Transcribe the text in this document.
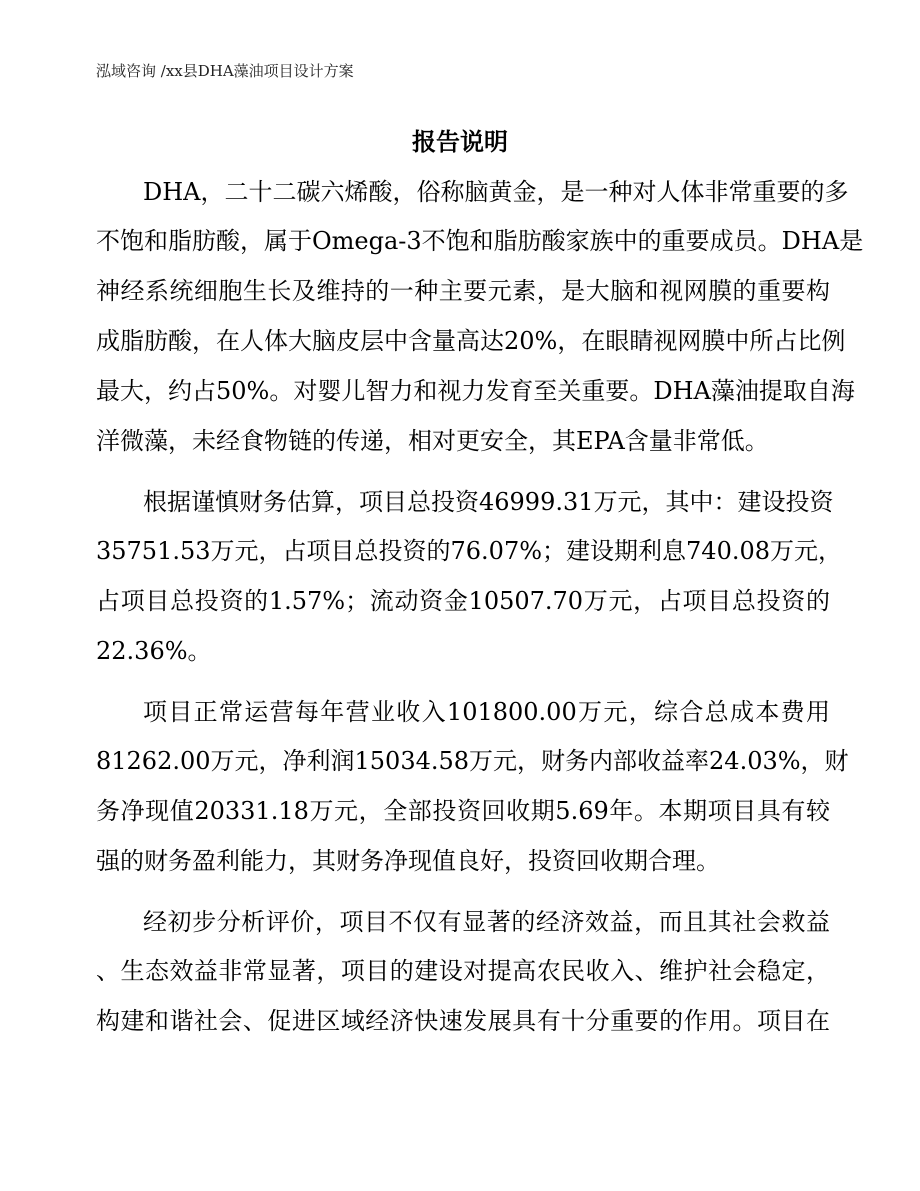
泓域咨询 /xx县DHA藻油项目设计方案
报告说明
DHA，二十二碳六烯酸，俗称脑黄金，是一种对人体非常重要的多
不饱和脂肪酸，属于Omega-3不饱和脂肪酸家族中的重要成员。DHA是
神经系统细胞生长及维持的一种主要元素，是大脑和视网膜的重要构
成脂肪酸，在人体大脑皮层中含量高达20%，在眼睛视网膜中所占比例
最大，约占50%。对婴儿智力和视力发育至关重要。DHA藻油提取自海
洋微藻，未经食物链的传递，相对更安全，其EPA含量非常低。
根据谨慎财务估算，项目总投资46999.31万元，其中：建设投资
35751.53万元，占项目总投资的76.07%；建设期利息740.08万元，
占项目总投资的1.57%；流动资金10507.70万元，占项目总投资的
22.36%。
项目正常运营每年营业收入101800.00万元，综合总成本费用
81262.00万元，净利润15034.58万元，财务内部收益率24.03%，财
务净现值20331.18万元，全部投资回收期5.69年。本期项目具有较
强的财务盈利能力，其财务净现值良好，投资回收期合理。
经初步分析评价，项目不仅有显著的经济效益，而且其社会救益
、生态效益非常显著，项目的建设对提高农民收入、维护社会稳定，
构建和谐社会、促进区域经济快速发展具有十分重要的作用。项目在
